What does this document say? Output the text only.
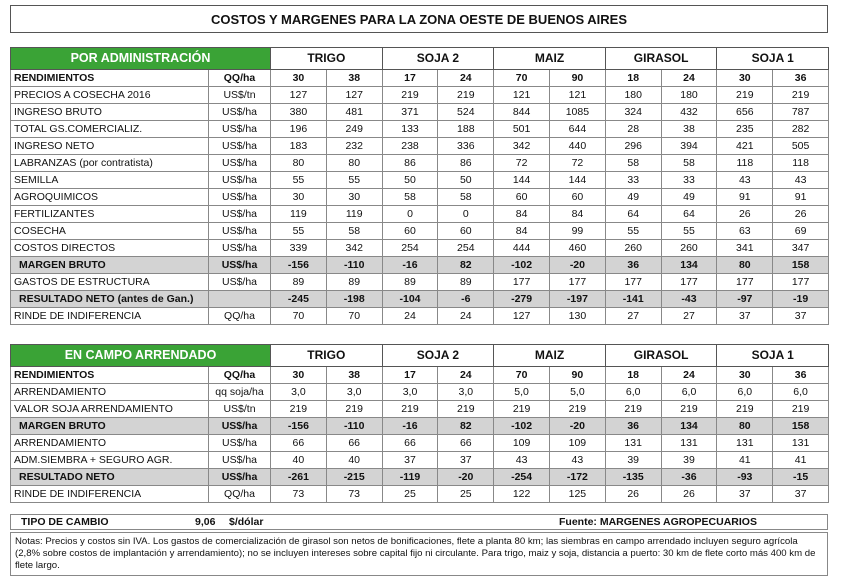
COSTOS Y MARGENES PARA LA ZONA OESTE DE BUENOS AIRES
POR ADMINISTRACIÓN		TRIGO		SOJA 2		MAIZ		GIRASOL		SOJA 1	
RENDIMIENTOS	QQ/ha	30	38	17	24	70	90	18	24	30	36
PRECIOS A COSECHA 2016	US$/tn	127	127	219	219	121	121	180	180	219	219
INGRESO BRUTO	US$/ha	380	481	371	524	844	1085	324	432	656	787
TOTAL GS.COMERCIALIZ.	US$/ha	196	249	133	188	501	644	28	38	235	282
INGRESO NETO	US$/ha	183	232	238	336	342	440	296	394	421	505
LABRANZAS (por contratista)	US$/ha	80	80	86	86	72	72	58	58	118	118
SEMILLA	US$/ha	55	55	50	50	144	144	33	33	43	43
AGROQUIMICOS	US$/ha	30	30	58	58	60	60	49	49	91	91
FERTILIZANTES	US$/ha	119	119	0	0	84	84	64	64	26	26
COSECHA	US$/ha	55	58	60	60	84	99	55	55	63	69
COSTOS DIRECTOS	US$/ha	339	342	254	254	444	460	260	260	341	347
MARGEN BRUTO	US$/ha	-156	-110	-16	82	-102	-20	36	134	80	158
GASTOS DE ESTRUCTURA	US$/ha	89	89	89	89	177	177	177	177	177	177
RESULTADO NETO (antes de Gan.)		-245	-198	-104	-6	-279	-197	-141	-43	-97	-19
RINDE DE INDIFERENCIA	QQ/ha	70	70	24	24	127	130	27	27	37	37
EN CAMPO ARRENDADO		TRIGO		SOJA 2		MAIZ		GIRASOL		SOJA 1	
RENDIMIENTOS	QQ/ha	30	38	17	24	70	90	18	24	30	36
ARRENDAMIENTO	qq soja/ha	3,0	3,0	3,0	3,0	5,0	5,0	6,0	6,0	6,0	6,0
VALOR SOJA ARRENDAMIENTO	US$/tn	219	219	219	219	219	219	219	219	219	219
MARGEN BRUTO	US$/ha	-156	-110	-16	82	-102	-20	36	134	80	158
ARRENDAMIENTO	US$/ha	66	66	66	66	109	109	131	131	131	131
ADM.SIEMBRA + SEGURO AGR.	US$/ha	40	40	37	37	43	43	39	39	41	41
RESULTADO NETO	US$/ha	-261	-215	-119	-20	-254	-172	-135	-36	-93	-15
RINDE DE INDIFERENCIA	QQ/ha	73	73	25	25	122	125	26	26	37	37
TIPO DE CAMBIO	9,06 $/dólar	Fuente: MARGENES AGROPECUARIOS
Notas: Precios y costos sin IVA. Los gastos de comercialización de girasol son netos de bonificaciones, flete a planta 80 km; las siembras en campo arrendado incluyen seguro agrícola (2,8% sobre costos de implantación y arrendamiento); no se incluyen intereses sobre capital fijo ni circulante. Para trigo, maiz y soja, distancia a puerto: 30 km de flete corto más 400 km de flete largo.
